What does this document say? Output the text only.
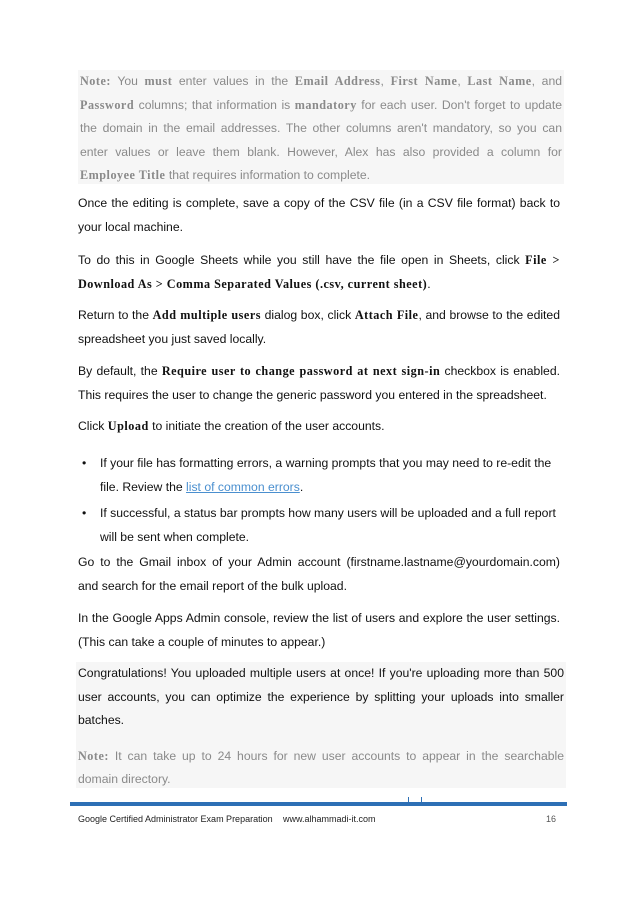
Note: You must enter values in the Email Address, First Name, Last Name, and Password columns; that information is mandatory for each user. Don't forget to update the domain in the email addresses. The other columns aren't mandatory, so you can enter values or leave them blank. However, Alex has also provided a column for Employee Title that requires information to complete.
Once the editing is complete, save a copy of the CSV file (in a CSV file format) back to your local machine.
To do this in Google Sheets while you still have the file open in Sheets, click File > Download As > Comma Separated Values (.csv, current sheet).
Return to the Add multiple users dialog box, click Attach File, and browse to the edited spreadsheet you just saved locally.
By default, the Require user to change password at next sign-in checkbox is enabled. This requires the user to change the generic password you entered in the spreadsheet.
Click Upload to initiate the creation of the user accounts.
• If your file has formatting errors, a warning prompts that you may need to re-edit the file. Review the list of common errors.
• If successful, a status bar prompts how many users will be uploaded and a full report will be sent when complete.
Go to the Gmail inbox of your Admin account (firstname.lastname@yourdomain.com) and search for the email report of the bulk upload.
In the Google Apps Admin console, review the list of users and explore the user settings. (This can take a couple of minutes to appear.)
Congratulations! You uploaded multiple users at once! If you're uploading more than 500 user accounts, you can optimize the experience by splitting your uploads into smaller batches.
Note: It can take up to 24 hours for new user accounts to appear in the searchable domain directory.
Google Certified Administrator Exam Preparation www.alhammadi-it.com	16
